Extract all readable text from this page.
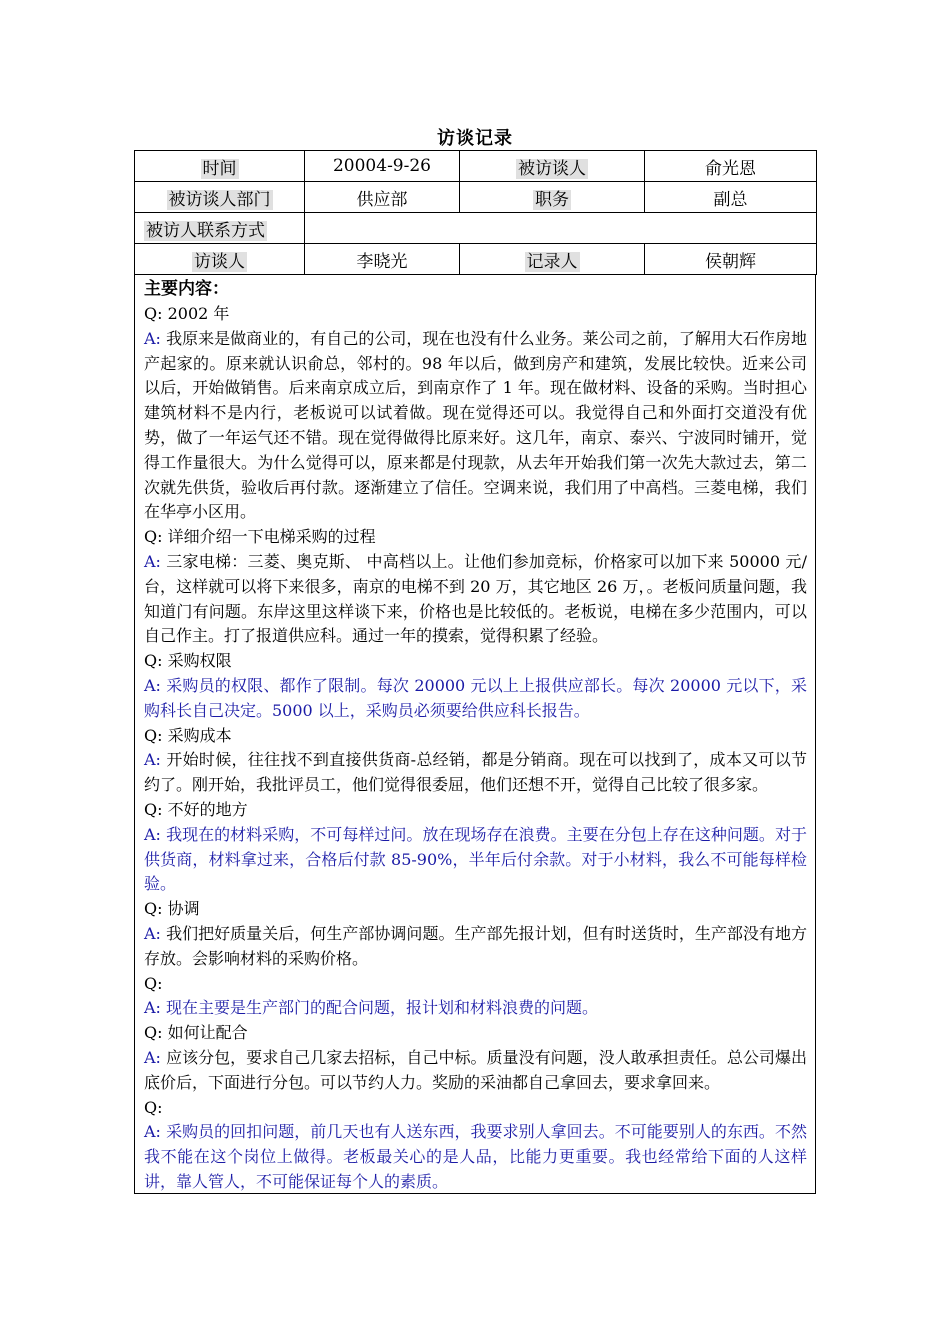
访谈记录
时间	20004-9-26	被访谈人	俞光恩
被访谈人部门	供应部	职务	副总
被访人联系方式			
访谈人	李晓光	记录人	侯朝辉
主要内容：

Q: 2002 年

A: 我原来是做商业的，有自己的公司，现在也没有什么业务。莱公司之前，了解用大石作房地产起家的。原来就认识俞总，邻村的。98 年以后，做到房产和建筑，发展比较快。近来公司以后，开始做销售。后来南京成立后，到南京作了 1 年。现在做材料、设备的采购。当时担心建筑材料不是内行，老板说可以试着做。现在觉得还可以。我觉得自己和外面打交道没有优势，做了一年运气还不错。现在觉得做得比原来好。这几年，南京、泰兴、宁波同时铺开，觉得工作量很大。为什么觉得可以，原来都是付现款，从去年开始我们第一次先大款过去，第二次就先供货，验收后再付款。逐渐建立了信任。空调来说，我们用了中高档。三菱电梯，我们在华亭小区用。

Q: 详细介绍一下电梯采购的过程

A: 三家电梯：三菱、奥克斯、 中高档以上。让他们参加竞标，价格家可以加下来 50000 元/台，这样就可以将下来很多，南京的电梯不到 20 万，其它地区 26 万，。老板问质量问题，我知道门有问题。东岸这里这样谈下来，价格也是比较低的。老板说，电梯在多少范围内，可以自己作主。打了报道供应科。通过一年的摸索，觉得积累了经验。

Q: 采购权限

A: 采购员的权限、都作了限制。每次 20000 元以上上报供应部长。每次 20000 元以下，采购科长自己决定。5000 以上，采购员必须要给供应科长报告。

Q: 采购成本

A: 开始时候，往往找不到直接供货商-总经销，都是分销商。现在可以找到了，成本又可以节约了。刚开始，我批评员工，他们觉得很委屈，他们还想不开，觉得自己比较了很多家。

Q: 不好的地方

A: 我现在的材料采购，不可每样过问。放在现场存在浪费。主要在分包上存在这种问题。对于供货商，材料拿过来，合格后付款 85-90%，半年后付余款。对于小材料，我么不可能每样检验。

Q: 协调

A: 我们把好质量关后，何生产部协调问题。生产部先报计划，但有时送货时，生产部没有地方存放。会影响材料的采购价格。

Q:

A: 现在主要是生产部门的配合问题，报计划和材料浪费的问题。

Q: 如何让配合

A: 应该分包，要求自己几家去招标，自己中标。质量没有问题，没人敢承担责任。总公司爆出底价后，下面进行分包。可以节约人力。奖励的采油都自己拿回去，要求拿回来。

Q:

A: 采购员的回扣问题，前几天也有人送东西，我要求别人拿回去。不可能要别人的东西。不然我不能在这个岗位上做得。老板最关心的是人品，比能力更重要。我也经常给下面的人这样讲，靠人管人，不可能保证每个人的素质。
